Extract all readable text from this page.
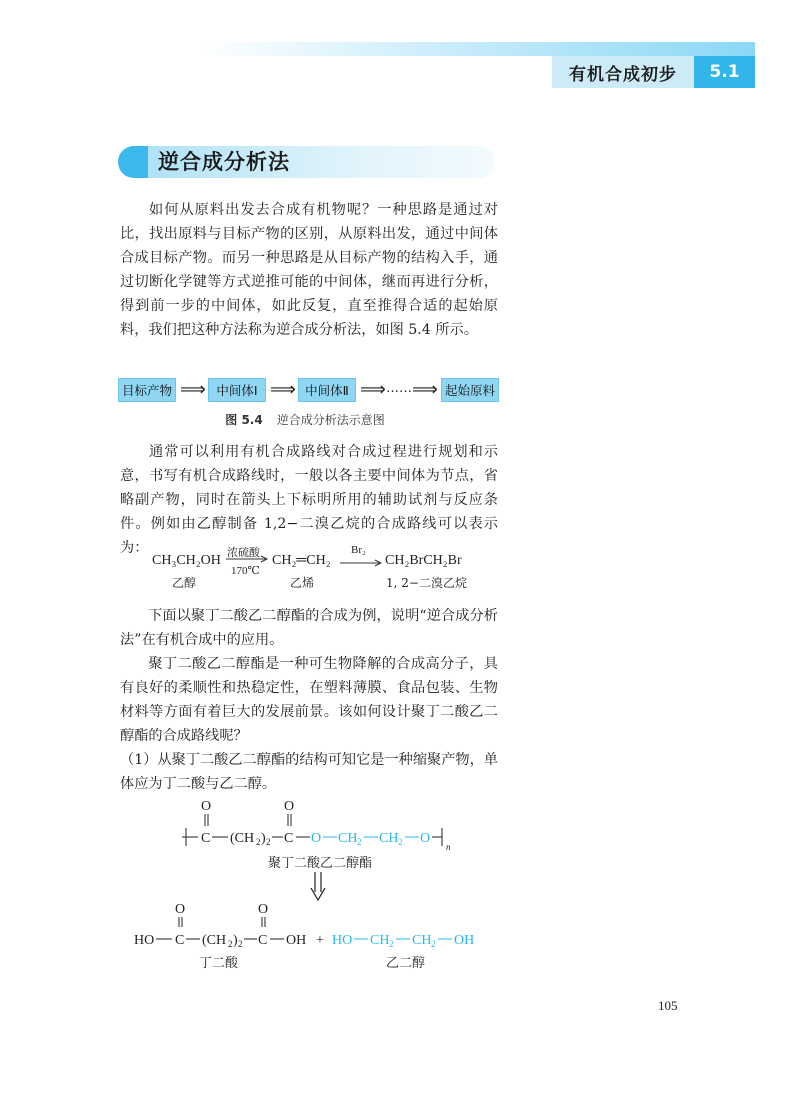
有机合成初步	5.1
逆合成分析法

如何从原料出发去合成有机物呢？一种思路是通过对比，找出原料与目标产物的区别，从原料出发，通过中间体合成目标产物。而另一种思路是从目标产物的结构入手，通过切断化学键等方式逆推可能的中间体，继而再进行分析，得到前一步的中间体，如此反复，直至推得合适的起始原料，我们把这种方法称为逆合成分析法，如图 5.4 所示。

目标产物 ⟹ 中间体Ⅰ ⟹ 中间体Ⅱ ⟹ …… ⟹ 起始原料
图 5.4 逆合成分析法示意图

通常可以利用有机合成路线对合成过程进行规划和示意，书写有机合成路线时，一般以各主要中间体为节点，省略副产物，同时在箭头上下标明所用的辅助试剂与反应条件。例如由乙醇制备 1,2−二溴乙烷的合成路线可以表示为：

CH₃CH₂OH
乙醇
浓硫酸
170℃
CH₂═CH₂
乙烯
Br₂
→ CH₂BrCH₂Br
1, 2−二溴乙烷

下面以聚丁二酸乙二醇酯的合成为例，说明“逆合成分析法”在有机合成中的应用。

聚丁二酸乙二醇酯是一种可生物降解的合成高分子，具有良好的柔顺性和热稳定性，在塑料薄膜、食品包装、生物材料等方面有着巨大的发展前景。该如何设计聚丁二酸乙二醇酯的合成路线呢？

（1）从聚丁二酸乙二醇酯的结构可知它是一种缩聚产物，单体应为丁二酸与乙二醇。

O	O
C (CH 2 ) 2 C O CH 2 CH 2 O
n
聚丁二酸乙二醇酯
O	O
HO C (CH 2 ) 2 C OH + HO CH 2 CH 2 OH
丁二酸	乙二醇
105
